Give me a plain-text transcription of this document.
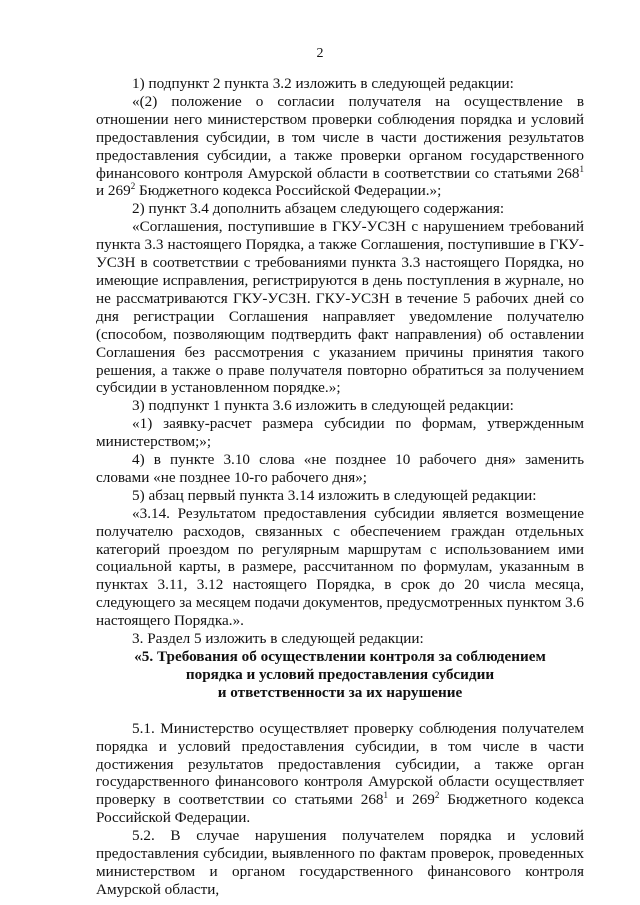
2

1) подпункт 2 пункта 3.2 изложить в следующей редакции:

«(2) положение о согласии получателя на осуществление в отношении него министерством проверки соблюдения порядка и условий предоставления субсидии, в том числе в части достижения результатов предоставления субсидии, а также проверки органом государственного финансового контроля Амурской области в соответствии со статьями $268^1$ и $269^2$ Бюджетного кодекса Российской Федерации.»;

2) пункт 3.4 дополнить абзацем следующего содержания:

«Соглашения, поступившие в ГКУ-УСЗН с нарушением требований пункта 3.3 настоящего Порядка, а также Соглашения, поступившие в ГКУ-УСЗН в соответствии с требованиями пункта 3.3 настоящего Порядка, но имеющие исправления, регистрируются в день поступления в журнале, но не рассматриваются ГКУ-УСЗН. ГКУ-УСЗН в течение 5 рабочих дней со дня регистрации Соглашения направляет уведомление получателю (способом, позволяющим подтвердить факт направления) об оставлении Соглашения без рассмотрения с указанием причины принятия такого решения, а также о праве получателя повторно обратиться за получением субсидии в установленном порядке.»;

3) подпункт 1 пункта 3.6 изложить в следующей редакции:

«1) заявку-расчет размера субсидии по формам, утвержденным министерством;»;

4) в пункте 3.10 слова «не позднее 10 рабочего дня» заменить словами «не позднее 10-го рабочего дня»;

5) абзац первый пункта 3.14 изложить в следующей редакции:

«3.14. Результатом предоставления субсидии является возмещение получателю расходов, связанных с обеспечением граждан отдельных категорий проездом по регулярным маршрутам с использованием ими социальной карты, в размере, рассчитанном по формулам, указанным в пунктах 3.11, 3.12 настоящего Порядка, в срок до 20 числа месяца, следующего за месяцем подачи документов, предусмотренных пунктом 3.6 настоящего Порядка.».

3. Раздел 5 изложить в следующей редакции:

«5. Требования об осуществлении контроля за соблюдением
порядка и условий предоставления субсидии
и ответственности за их нарушение

5.1. Министерство осуществляет проверку соблюдения получателем порядка и условий предоставления субсидии, в том числе в части достижения результатов предоставления субсидии, а также орган государственного финансового контроля Амурской области осуществляет проверку в соответствии со статьями $268^1$ и $269^2$ Бюджетного кодекса Российской Федерации.

5.2. В случае нарушения получателем порядка и условий предоставления субсидии, выявленного по фактам проверок, проведенных министерством и органом государственного финансового контроля Амурской области,
